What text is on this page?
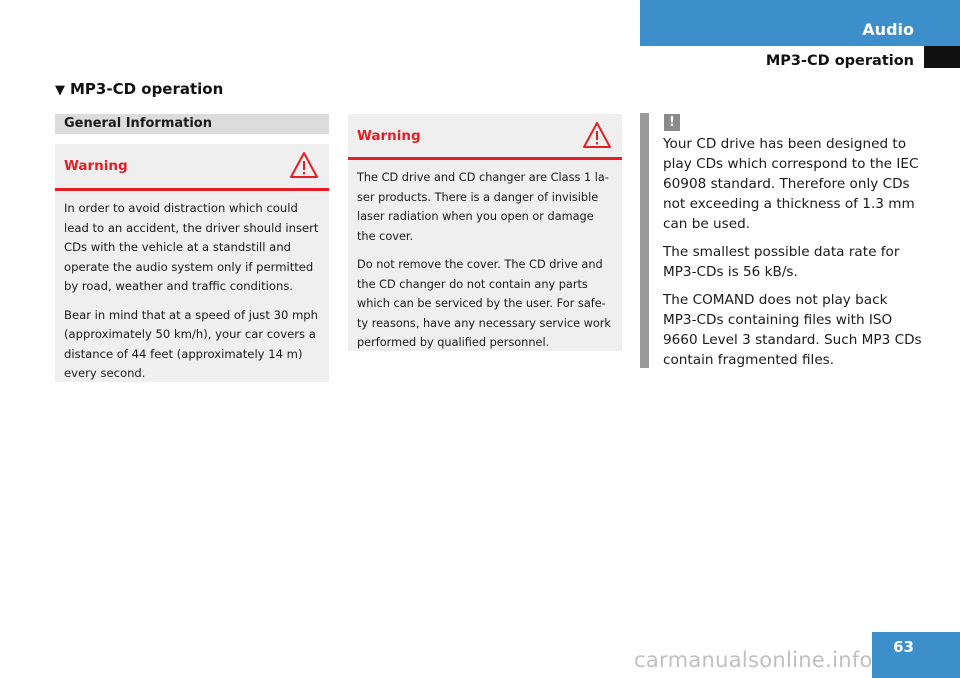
Audio
MP3-CD operation
▼ MP3-CD operation
General Information
Warning

In order to avoid distraction which could lead to an accident, the driver should insert CDs with the vehicle at a standstill and operate the audio system only if permitted by road, weather and traffic conditions.

Bear in mind that at a speed of just 30 mph (approximately 50 km/h), your car covers a distance of 44 feet (approximately 14 m) every second.

Warning

The CD drive and CD changer are Class 1 la-ser products. There is a danger of invisible laser radiation when you open or damage the cover.

Do not remove the cover. The CD drive and the CD changer do not contain any parts which can be serviced by the user. For safe-ty reasons, have any necessary service work performed by qualified personnel.

!

Your CD drive has been designed to play CDs which correspond to the IEC 60908 standard. Therefore only CDs not exceeding a thickness of 1.3 mm can be used.

The smallest possible data rate for MP3-CDs is 56 kB/s.

The COMAND does not play back MP3-CDs containing files with ISO 9660 Level 3 standard. Such MP3 CDs contain fragmented files.

63
carmanualsonline.info
